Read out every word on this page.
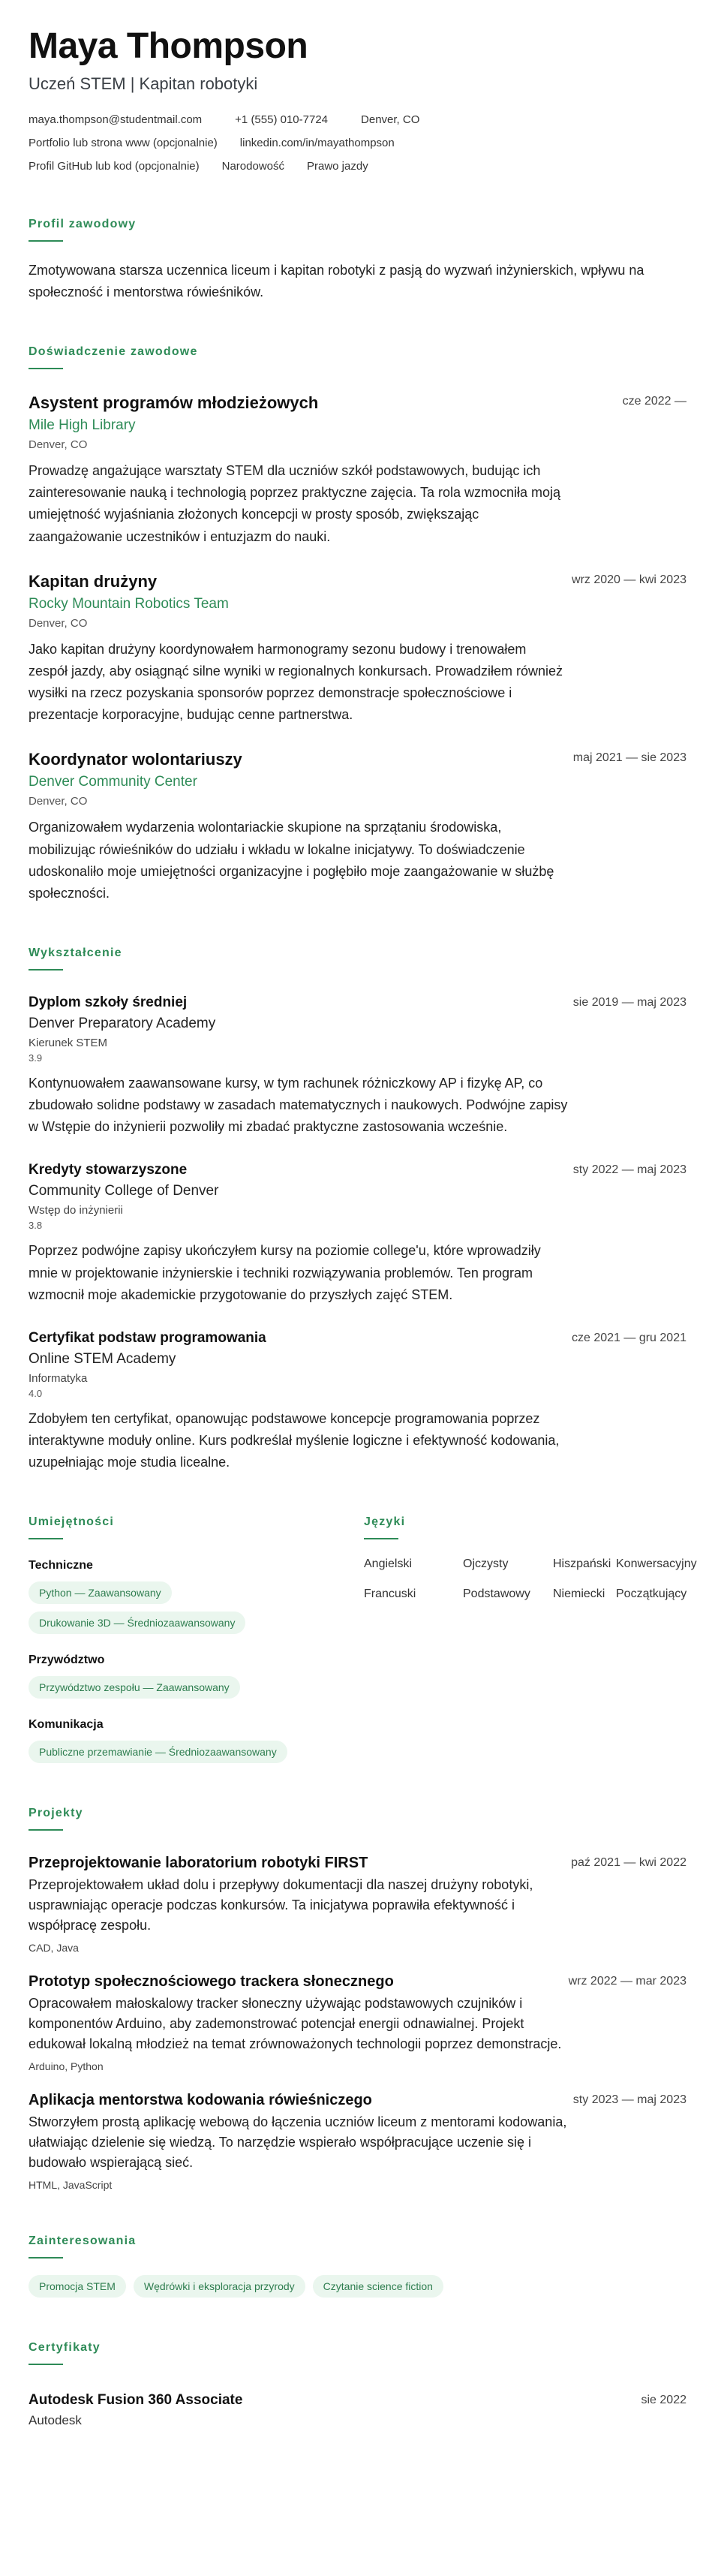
Maya Thompson
Uczeń STEM | Kapitan robotyki
maya.thompson@studentmail.com	+1 (555) 010-7724	Denver, CO
Portfolio lub strona www (opcjonalnie) linkedin.com/in/mayathompson
Profil GitHub lub kod (opcjonalnie) Narodowość Prawo jazdy
Profil zawodowy
Zmotywowana starsza uczennica liceum i kapitan robotyki z pasją do wyzwań inżynierskich, wpływu na społeczność i mentorstwa rówieśników.
Doświadczenie zawodowe
Asystent programów młodzieżowych	cze 2022 —
Mile High Library
Denver, CO
Prowadzę angażujące warsztaty STEM dla uczniów szkół podstawowych, budując ich zainteresowanie nauką i technologią poprzez praktyczne zajęcia. Ta rola wzmocniła moją umiejętność wyjaśniania złożonych koncepcji w prosty sposób, zwiększając zaangażowanie uczestników i entuzjazm do nauki.
Kapitan drużyny	wrz 2020 — kwi 2023
Rocky Mountain Robotics Team
Denver, CO
Jako kapitan drużyny koordynowałem harmonogramy sezonu budowy i trenowałem zespół jazdy, aby osiągnąć silne wyniki w regionalnych konkursach. Prowadziłem również wysiłki na rzecz pozyskania sponsorów poprzez demonstracje społecznościowe i prezentacje korporacyjne, budując cenne partnerstwa.
Koordynator wolontariuszy	maj 2021 — sie 2023
Denver Community Center
Denver, CO
Organizowałem wydarzenia wolontariackie skupione na sprzątaniu środowiska, mobilizując rówieśników do udziału i wkładu w lokalne inicjatywy. To doświadczenie udoskonaliło moje umiejętności organizacyjne i pogłębiło moje zaangażowanie w służbę społeczności.
Wykształcenie
Dyplom szkoły średniej	sie 2019 — maj 2023
Denver Preparatory Academy
Kierunek STEM
3.9
Kontynuowałem zaawansowane kursy, w tym rachunek różniczkowy AP i fizykę AP, co zbudowało solidne podstawy w zasadach matematycznych i naukowych. Podwójne zapisy w Wstępie do inżynierii pozwoliły mi zbadać praktyczne zastosowania wcześnie.
Kredyty stowarzyszone	sty 2022 — maj 2023
Community College of Denver
Wstęp do inżynierii
3.8
Poprzez podwójne zapisy ukończyłem kursy na poziomie college'u, które wprowadziły mnie w projektowanie inżynierskie i techniki rozwiązywania problemów. Ten program wzmocnił moje akademickie przygotowanie do przyszłych zajęć STEM.
Certyfikat podstaw programowania	cze 2021 — gru 2021
Online STEM Academy
Informatyka
4.0
Zdobyłem ten certyfikat, opanowując podstawowe koncepcje programowania poprzez interaktywne moduły online. Kurs podkreślał myślenie logiczne i efektywność kodowania, uzupełniając moje studia licealne.
Umiejętności
Techniczne
Python — Zaawansowany
Drukowanie 3D — Średniozaawansowany
Przywództwo
Przywództwo zespołu — Zaawansowany
Komunikacja
Publiczne przemawianie — Średniozaawansowany
Języki
Angielski	Ojczysty	Hiszpański Konwersacyjny
Francuski	Podstawowy	Niemiecki Początkujący
Projekty
Przeprojektowanie laboratorium robotyki FIRST	paź 2021 — kwi 2022
Przeprojektowałem układ dolu i przepływy dokumentacji dla naszej drużyny robotyki, usprawniając operacje podczas konkursów. Ta inicjatywa poprawiła efektywność i współpracę zespołu.
CAD, Java
Prototyp społecznościowego trackera słonecznego	wrz 2022 — mar 2023
Opracowałem małoskalowy tracker słoneczny używając podstawowych czujników i komponentów Arduino, aby zademonstrować potencjał energii odnawialnej. Projekt edukował lokalną młodzież na temat zrównoważonych technologii poprzez demonstracje.
Arduino, Python
Aplikacja mentorstwa kodowania rówieśniczego	sty 2023 — maj 2023
Stworzyłem prostą aplikację webową do łączenia uczniów liceum z mentorami kodowania, ułatwiając dzielenie się wiedzą. To narzędzie wspierało współpracujące uczenie się i budowało wspierającą sieć.
HTML, JavaScript
Zainteresowania
Promocja STEM	Wędrówki i eksploracja przyrody	Czytanie science fiction
Certyfikaty
Autodesk Fusion 360 Associate	sie 2022
Autodesk
